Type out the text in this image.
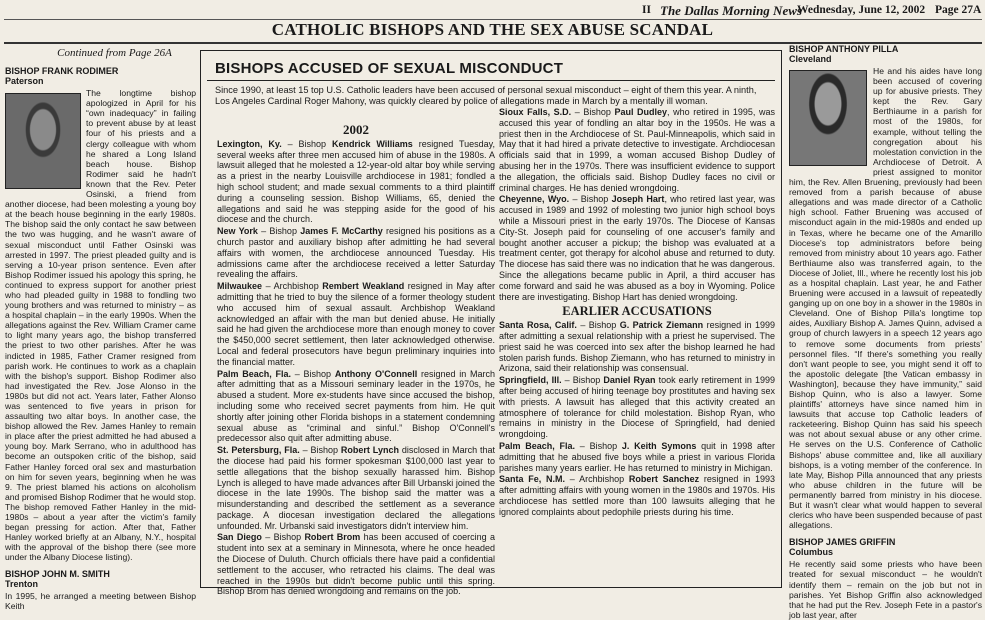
II The Dallas Morning News
Wednesday, June 12, 2002 Page 27A
CATHOLIC BISHOPS AND THE SEX ABUSE SCANDAL
Continued from Page 26A
BISHOP FRANK RODIMER
Paterson
The longtime bishop apologized in April for his “own inadequacy” in failing to prevent abuse by at least four of his priests and a clergy colleague with whom he shared a Long Island beach house. Bishop Rodimer said he hadn't known that the Rev. Peter Osinski, a friend from another diocese, had been molesting a young boy at the beach house beginning in the early 1980s. The bishop said the only contact he saw between the two was hugging, and he wasn't aware of sexual misconduct until Father Osinski was arrested in 1997. The priest pleaded guilty and is serving a 10-year prison sentence. Even after Bishop Rodimer issued his apology this spring, he continued to express support for another priest who had pleaded guilty in 1988 to fondling two young brothers and was returned to ministry – as a hospital chaplain – in the early 1990s. When the allegations against the Rev. William Cramer came to light many years ago, the bishop transferred the priest to two other parishes. After he was indicted in 1985, Father Cramer resigned from parish work. He continues to work as a chaplain with the bishop's support. Bishop Rodimer also had investigated the Rev. Jose Alonso in the 1980s but did not act. Years later, Father Alonso was sentenced to five years in prison for assaulting two altar boys. In another case, the bishop allowed the Rev. James Hanley to remain in place after the priest admitted he had abused a young boy. Mark Serrano, who in adulthood has become an outspoken critic of the bishop, said Father Hanley forced oral sex and masturbation on him for seven years, beginning when he was 9. The priest blamed his actions on alcoholism and promised Bishop Rodimer that he would stop. The bishop removed Father Hanley in the mid-1980s – about a year after the victim's family began pressing for action. After that, Father Hanley worked briefly at an Albany, N.Y., hospital with the approval of the bishop there (see more under the Albany Diocese listing).
BISHOP JOHN M. SMITH
Trenton
In 1995, he arranged a meeting between Bishop Keith
BISHOPS ACCUSED OF SEXUAL MISCONDUCT
Since 1990, at least 15 top U.S. Catholic leaders have been accused of personal sexual misconduct – eight of them this year. A ninth, Los Angeles Cardinal Roger Mahony, was quickly cleared by police of allegations made in March by a mentally ill woman.
2002
Lexington, Ky. – Bishop Kendrick Williams resigned Tuesday, several weeks after three men accused him of abuse in the 1980s. A lawsuit alleged that he molested a 12-year-old altar boy while serving as a priest in the nearby Louisville archdiocese in 1981; fondled a high school student; and made sexual comments to a third plaintiff during a counseling session. Bishop Williams, 65, denied the allegations and said he was stepping aside for the good of his diocese and the church.
New York – Bishop James F. McCarthy resigned his positions as a church pastor and auxiliary bishop after admitting he had several affairs with women, the archdiocese announced Tuesday. His admissions came after the archdiocese received a letter Saturday revealing the affairs.
Milwaukee – Archbishop Rembert Weakland resigned in May after admitting that he tried to buy the silence of a former theology student who accused him of sexual assault. Archbishop Weakland acknowledged an affair with the man but denied abuse. He initially said he had given the archdiocese more than enough money to cover the $450,000 secret settlement, then later acknowledged otherwise. Local and federal prosecutors have begun preliminary inquiries into the financial matter.
Palm Beach, Fla. – Bishop Anthony O'Connell resigned in March after admitting that as a Missouri seminary leader in the 1970s, he abused a student. More ex-students have since accused the bishop, including some who received secret payments from him. He quit shortly after joining other Florida bishops in a statement condemning sexual abuse as “criminal and sinful.” Bishop O'Connell's predecessor also quit after admitting abuse.
St. Petersburg, Fla. – Bishop Robert Lynch disclosed in March that the diocese had paid his former spokesman $100,000 last year to settle allegations that the bishop sexually harassed him. Bishop Lynch is alleged to have made advances after Bill Urbanski joined the diocese in the late 1990s. The bishop said the matter was a misunderstanding and described the settlement as a severance package. A diocesan investigation declared the allegations unfounded. Mr. Urbanski said investigators didn't interview him.
San Diego – Bishop Robert Brom has been accused of coercing a student into sex at a seminary in Minnesota, where he once headed the Diocese of Duluth. Church officials there have paid a confidential settlement to the accuser, who retracted his claims. The deal was reached in the 1990s but didn't become public until this spring. Bishop Brom has denied wrongdoing and remains on the job.
Sioux Falls, S.D. – Bishop Paul Dudley, who retired in 1995, was accused this year of fondling an altar boy in the 1950s. He was a priest then in the Archdiocese of St. Paul-Minneapolis, which said in May that it had hired a private detective to investigate. Archdiocesan officials said that in 1999, a woman accused Bishop Dudley of abusing her in the 1970s. There was insufficient evidence to support the allegation, the officials said. Bishop Dudley faces no civil or criminal charges. He has denied wrongdoing.
Cheyenne, Wyo. – Bishop Joseph Hart, who retired last year, was accused in 1989 and 1992 of molesting two junior high school boys while a Missouri priest in the early 1970s. The Diocese of Kansas City-St. Joseph paid for counseling of one accuser's family and bought another accuser a pickup; the bishop was evaluated at a treatment center, got therapy for alcohol abuse and returned to duty. The diocese has said there was no indication that he was dangerous. Since the allegations became public in April, a third accuser has come forward and said he was abused as a boy in Wyoming. Police there are investigating. Bishop Hart has denied wrongdoing.
EARLIER ACCUSATIONS
Santa Rosa, Calif. – Bishop G. Patrick Ziemann resigned in 1999 after admitting a sexual relationship with a priest he supervised. The priest said he was coerced into sex after the bishop learned he had stolen parish funds. Bishop Ziemann, who has returned to ministry in Arizona, said their relationship was consensual.
Springfield, Ill. – Bishop Daniel Ryan took early retirement in 1999 after being accused of hiring teenage boy prostitutes and having sex with priests. A lawsuit has alleged that this activity created an atmosphere of tolerance for child molestation. Bishop Ryan, who remains in ministry in the Diocese of Springfield, had denied wrongdoing.
Palm Beach, Fla. – Bishop J. Keith Symons quit in 1998 after admitting that he abused five boys while a priest in various Florida parishes many years earlier. He has returned to ministry in Michigan.
Santa Fe, N.M. – Archbishop Robert Sanchez resigned in 1993 after admitting affairs with young women in the 1980s and 1970s. His archdiocese has settled more than 100 lawsuits alleging that he ignored complaints about pedophile priests during his time.
BISHOP ANTHONY PILLA
Cleveland
He and his aides have long been accused of covering up for abusive priests. They kept the Rev. Gary Berthiaume in a parish for most of the 1980s, for example, without telling the congregation about his molestation conviction in the Archdiocese of Detroit. A priest assigned to monitor him, the Rev. Allen Bruening, previously had been removed from a parish because of abuse allegations and was made director of a Catholic high school. Father Bruening was accused of misconduct again in the mid-1980s and ended up in Texas, where he became one of the Amarillo Diocese's top administrators before being removed from ministry about 10 years ago. Father Berthiaume also was transferred again, to the Diocese of Joliet, Ill., where he recently lost his job as a hospital chaplain. Last year, he and Father Bruening were accused in a lawsuit of repeatedly ganging up on one boy in a shower in the 1980s in Cleveland. One of Bishop Pilla's longtime top aides, Auxiliary Bishop A. James Quinn, advised a group of church lawyers in a speech 12 years ago to remove some documents from priests' personnel files. “If there's something you really don't want people to see, you might send it off to the apostolic delegate [the Vatican embassy in Washington], because they have immunity,” said Bishop Quinn, who is also a lawyer. Some plaintiffs' attorneys have since named him in lawsuits that accuse top Catholic leaders of racketeering. Bishop Quinn has said his speech was not about sexual abuse or any other crime. He serves on the U.S. Conference of Catholic Bishops' abuse committee and, like all auxiliary bishops, is a voting member of the conference. In late May, Bishop Pilla announced that any priests who abuse children in the future will be permanently barred from ministry in his diocese. But it wasn't clear what would happen to several clerics who have been suspended because of past allegations.
BISHOP JAMES GRIFFIN
Columbus
He recently said some priests who have been treated for sexual misconduct – he wouldn't identify them – remain on the job but not in parishes. Yet Bishop Griffin also acknowledged that he had put the Rev. Joseph Fete in a pastor's job last year, after
